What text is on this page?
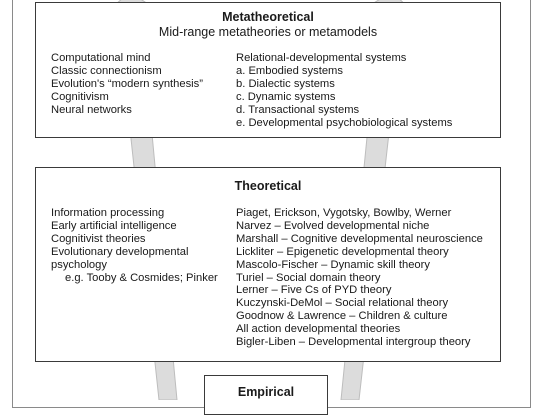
Metatheoretical
Mid-range metatheories or metamodels
Computational mind
Classic connectionism
Evolution's “modern synthesis”
Cognitivism
Neural networks
Relational-developmental systems
a. Embodied systems
b. Dialectic systems
c. Dynamic systems
d. Transactional systems
e. Developmental psychobiological systems
Theoretical
Information processing
Early artificial intelligence
Cognitivist theories
Evolutionary developmental
psychology
e.g. Tooby & Cosmides; Pinker
Piaget, Erickson, Vygotsky, Bowlby, Werner
Narvez – Evolved developmental niche
Marshall – Cognitive developmental neuroscience
Lickliter – Epigenetic developmental theory
Mascolo-Fischer – Dynamic skill theory
Turiel – Social domain theory
Lerner – Five Cs of PYD theory
Kuczynski-DeMol – Social relational theory
Goodnow & Lawrence – Children & culture
All action developmental theories
Bigler-Liben – Developmental intergroup theory
Empirical
